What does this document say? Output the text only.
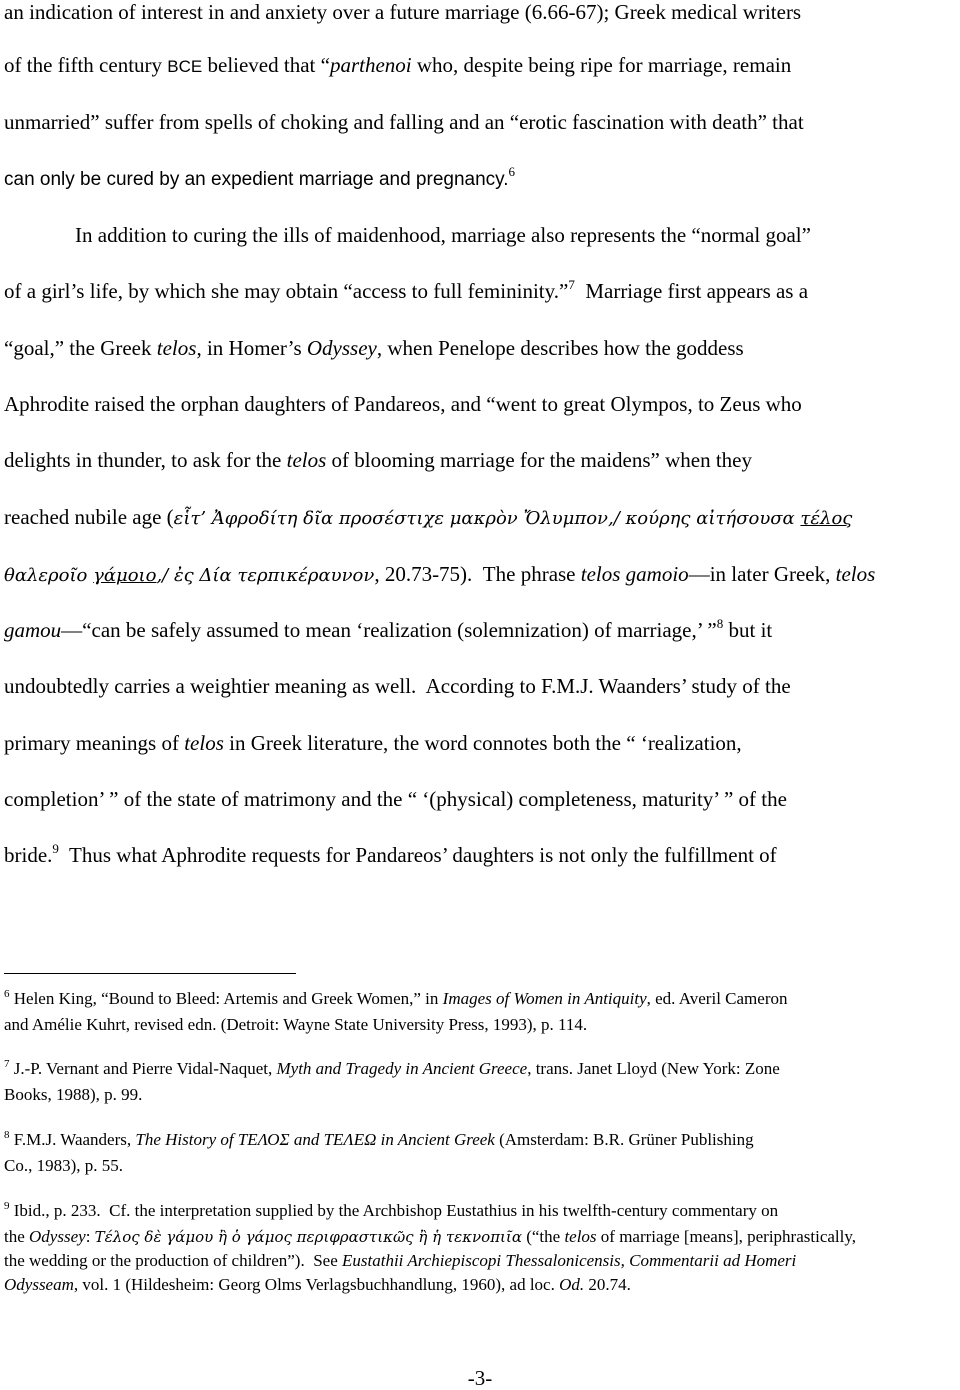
an indication of interest in and anxiety over a future marriage (6.66-67); Greek medical writers
of the fifth century BCE believed that “parthenoi who, despite being ripe for marriage, remain
unmarried” suffer from spells of choking and falling and an “erotic fascination with death” that
can only be cured by an expedient marriage and pregnancy.$^6$
In addition to curing the ills of maidenhood, marriage also represents the “normal goal”
of a girl’s life, by which she may obtain “access to full femininity.”$^7$  Marriage first appears as a
“goal,” the Greek telos, in Homer’s Odyssey, when Penelope describes how the goddess
Aphrodite raised the orphan daughters of Pandareos, and “went to great Olympos, to Zeus who
delights in thunder, to ask for the telos of blooming marriage for the maidens” when they
reached nubile age (εἷτ’ Ἀφροδίτη δῖα προσέστιχε μακρὸν Ὄλυμπον,/ κούρης αἰτήσουσα τέλος
θαλεροῖο γάμοιο,/ ἐς Δία τερπικέραυνον, 20.73-75).  The phrase telos gamoio—in later Greek, telos
gamou—“can be safely assumed to mean ‘realization (solemnization) of marriage,’ ”$^8$ but it
undoubtedly carries a weightier meaning as well.  According to F.M.J. Waanders’ study of the
primary meanings of telos in Greek literature, the word connotes both the “ ‘realization,
completion’ ” of the state of matrimony and the “ ‘(physical) completeness, maturity’ ” of the
bride.$^9$  Thus what Aphrodite requests for Pandareos’ daughters is not only the fulfillment of
$^6$ Helen King, “Bound to Bleed: Artemis and Greek Women,” in Images of Women in Antiquity, ed. Averil Cameron
and Amélie Kuhrt, revised edn. (Detroit: Wayne State University Press, 1993), p. 114.
$^7$ J.-P. Vernant and Pierre Vidal-Naquet, Myth and Tragedy in Ancient Greece, trans. Janet Lloyd (New York: Zone
Books, 1988), p. 99.
$^8$ F.M.J. Waanders, The History of ΤΕΛΟΣ and ΤΕΛΕΩ in Ancient Greek (Amsterdam: B.R. Grüner Publishing
Co., 1983), p. 55.
$^9$ Ibid., p. 233.  Cf. the interpretation supplied by the Archbishop Eustathius in his twelfth-century commentary on
the Odyssey: Τέλος δὲ γάμου ἢ ὁ γάμος περιφραστικῶς ἢ ἡ τεκνοπιῖα (“the telos of marriage [means], periphrastically,
the wedding or the production of children”).  See Eustathii Archiepiscopi Thessalonicensis, Commentarii ad Homeri
Odysseam, vol. 1 (Hildesheim: Georg Olms Verlagsbuchhandlung, 1960), ad loc. Od. 20.74.
-3-
